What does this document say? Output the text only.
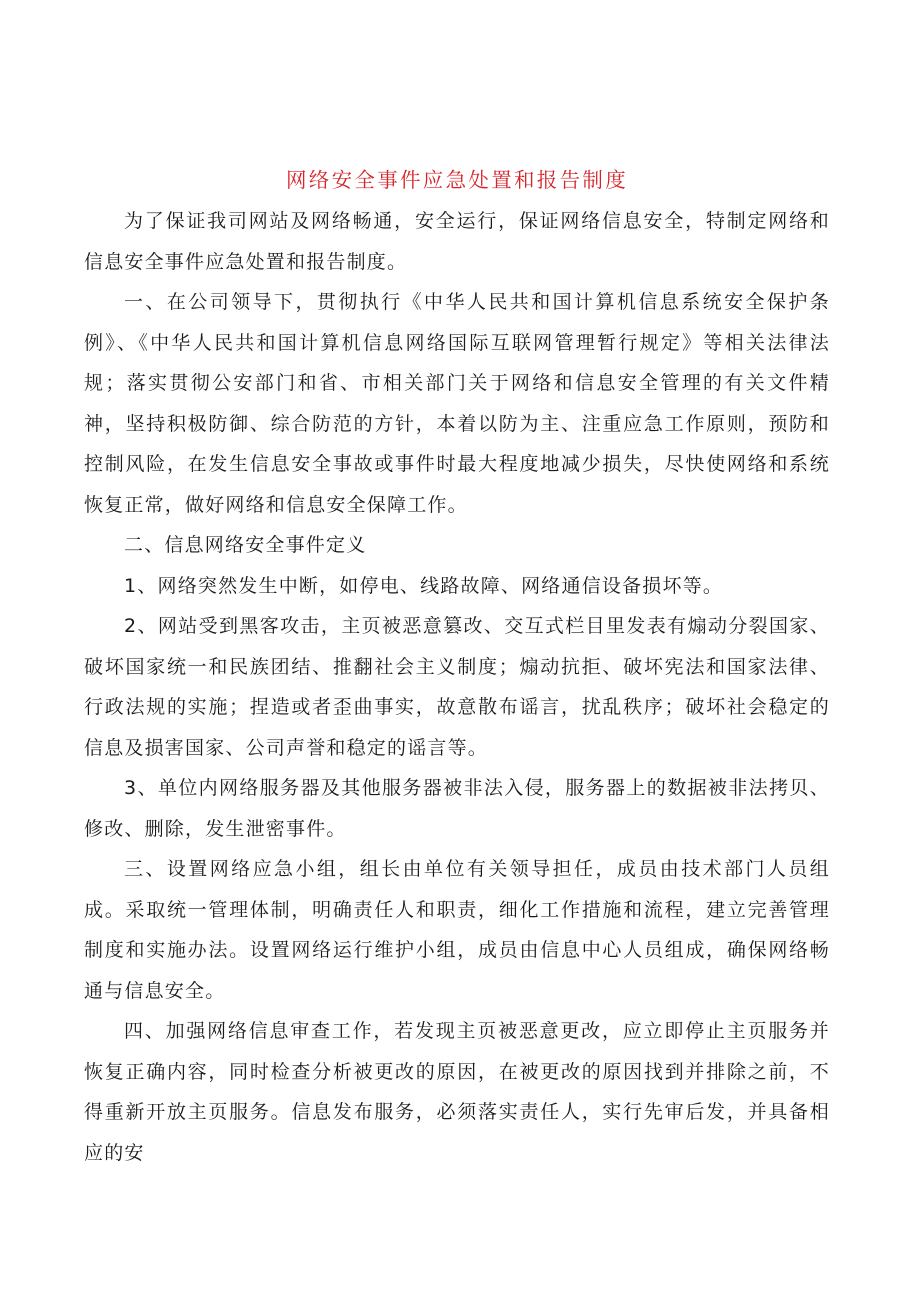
网络安全事件应急处置和报告制度

为了保证我司网站及网络畅通，安全运行，保证网络信息安全，特制定网络和信息安全事件应急处置和报告制度。

一、在公司领导下，贯彻执行《中华人民共和国计算机信息系统安全保护条例》、《中华人民共和国计算机信息网络国际互联网管理暂行规定》等相关法律法规；落实贯彻公安部门和省、市相关部门关于网络和信息安全管理的有关文件精神，坚持积极防御、综合防范的方针，本着以防为主、注重应急工作原则，预防和控制风险，在发生信息安全事故或事件时最大程度地减少损失，尽快使网络和系统恢复正常，做好网络和信息安全保障工作。

二、信息网络安全事件定义

1、网络突然发生中断，如停电、线路故障、网络通信设备损坏等。

2、网站受到黑客攻击，主页被恶意篡改、交互式栏目里发表有煽动分裂国家、破坏国家统一和民族团结、推翻社会主义制度；煽动抗拒、破坏宪法和国家法律、行政法规的实施；捏造或者歪曲事实，故意散布谣言，扰乱秩序；破坏社会稳定的信息及损害国家、公司声誉和稳定的谣言等。

3、单位内网络服务器及其他服务器被非法入侵，服务器上的数据被非法拷贝、修改、删除，发生泄密事件。

三、设置网络应急小组，组长由单位有关领导担任，成员由技术部门人员组成。采取统一管理体制，明确责任人和职责，细化工作措施和流程，建立完善管理制度和实施办法。设置网络运行维护小组，成员由信息中心人员组成，确保网络畅通与信息安全。

四、加强网络信息审查工作，若发现主页被恶意更改，应立即停止主页服务并恢复正确内容，同时检查分析被更改的原因，在被更改的原因找到并排除之前，不得重新开放主页服务。信息发布服务，必须落实责任人，实行先审后发，并具备相应的安
